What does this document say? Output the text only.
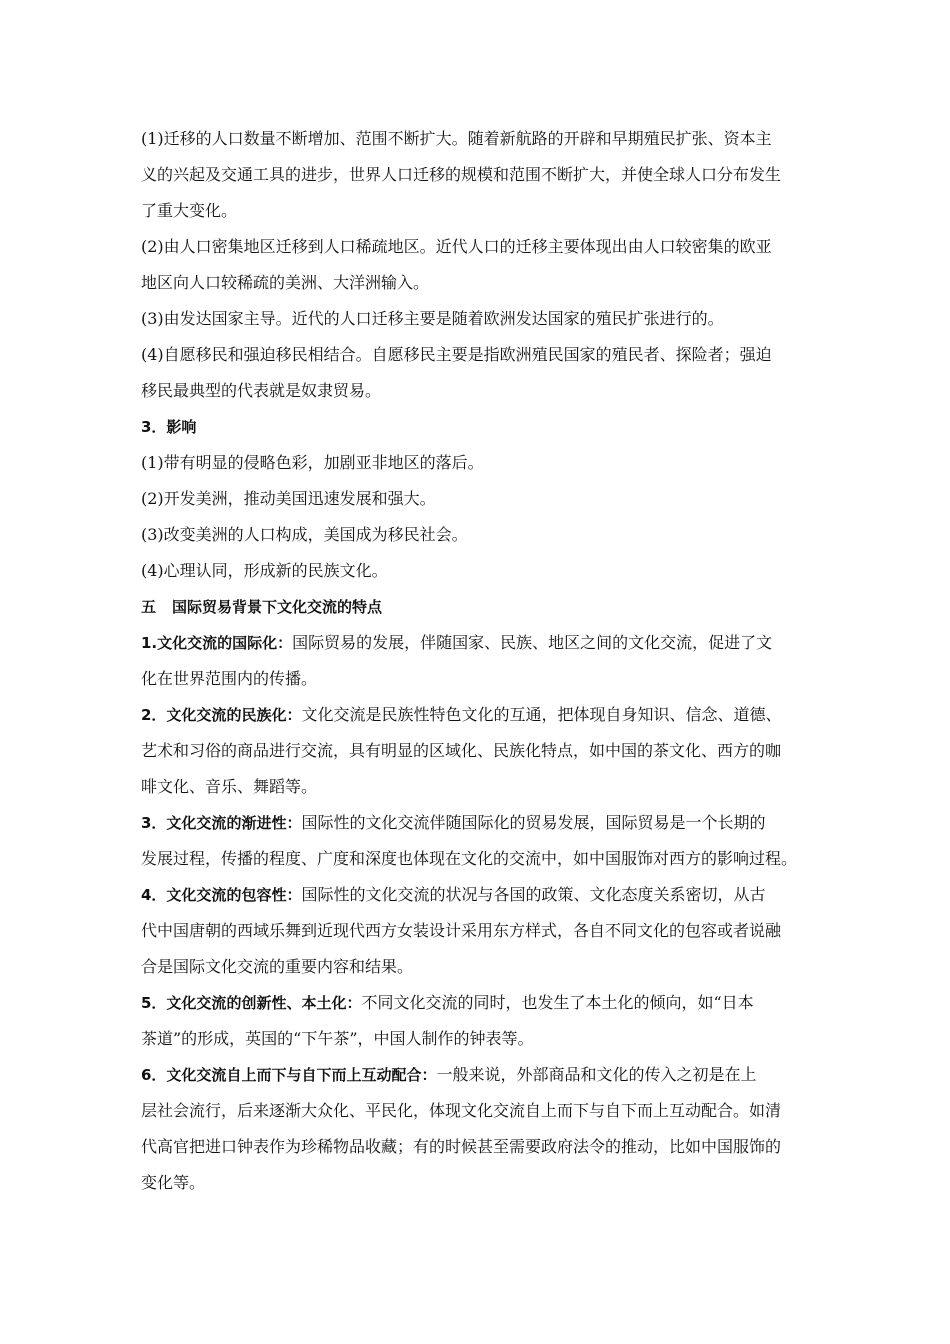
(1)迁移的人口数量不断增加、范围不断扩大。随着新航路的开辟和早期殖民扩张、资本主
义的兴起及交通工具的进步，世界人口迁移的规模和范围不断扩大，并使全球人口分布发生
了重大变化。
(2)由人口密集地区迁移到人口稀疏地区。近代人口的迁移主要体现出由人口较密集的欧亚
地区向人口较稀疏的美洲、大洋洲输入。
(3)由发达国家主导。近代的人口迁移主要是随着欧洲发达国家的殖民扩张进行的。
(4)自愿移民和强迫移民相结合。自愿移民主要是指欧洲殖民国家的殖民者、探险者；强迫
移民最典型的代表就是奴隶贸易。
3．影响
(1)带有明显的侵略色彩，加剧亚非地区的落后。
(2)开发美洲，推动美国迅速发展和强大。
(3)改变美洲的人口构成，美国成为移民社会。
(4)心理认同，形成新的民族文化。
五 国际贸易背景下文化交流的特点
1.文化交流的国际化：国际贸易的发展，伴随国家、民族、地区之间的文化交流，促进了文
化在世界范围内的传播。
2．文化交流的民族化：文化交流是民族性特色文化的互通，把体现自身知识、信念、道德、
艺术和习俗的商品进行交流，具有明显的区域化、民族化特点，如中国的茶文化、西方的咖
啡文化、音乐、舞蹈等。
3．文化交流的渐进性：国际性的文化交流伴随国际化的贸易发展，国际贸易是一个长期的
发展过程，传播的程度、广度和深度也体现在文化的交流中，如中国服饰对西方的影响过程。
4．文化交流的包容性：国际性的文化交流的状况与各国的政策、文化态度关系密切，从古
代中国唐朝的西域乐舞到近现代西方女装设计采用东方样式，各自不同文化的包容或者说融
合是国际文化交流的重要内容和结果。
5．文化交流的创新性、本土化：不同文化交流的同时，也发生了本土化的倾向，如“日本
茶道”的形成，英国的“下午茶”，中国人制作的钟表等。
6．文化交流自上而下与自下而上互动配合：一般来说，外部商品和文化的传入之初是在上
层社会流行，后来逐渐大众化、平民化，体现文化交流自上而下与自下而上互动配合。如清
代高官把进口钟表作为珍稀物品收藏；有的时候甚至需要政府法令的推动，比如中国服饰的
变化等。
